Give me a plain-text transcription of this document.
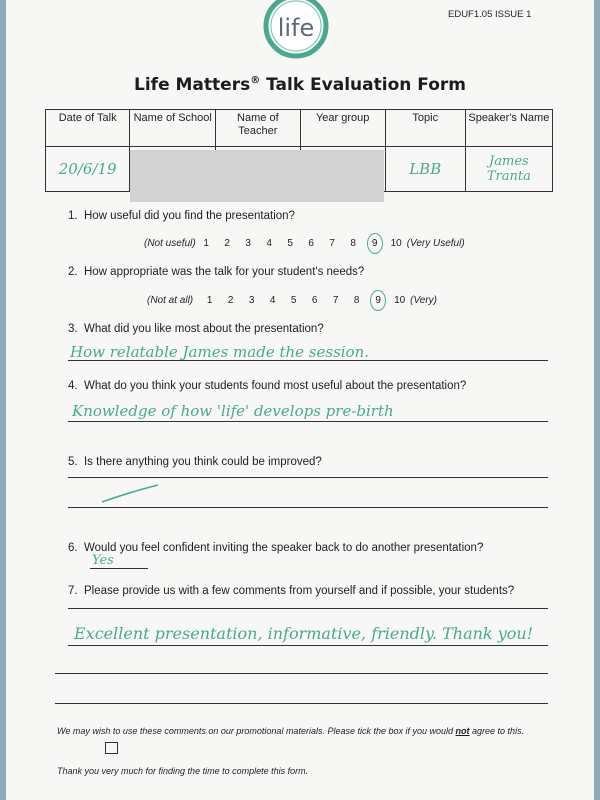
life	EDUF1.05 ISSUE 1
Life Matters® Talk Evaluation Form
Date of Talk	Name of School	Name of Teacher	Year group	Topic	Speaker's Name
20/6/19				LBB	James Tranta
1. How useful did you find the presentation?
(Not useful) 1	2	3	4	5	6	7	8	9	10 (Very Useful)
2. How appropriate was the talk for your student's needs?
(Not at all)	1	2	3	4	5	6	7	8	9	10 (Very)
3. What did you like most about the presentation?
How relatable James made the session.
4. What do you think your students found most useful about the presentation?
Knowledge of how 'life' develops pre-birth
5. Is there anything you think could be improved?
6. Would you feel confident inviting the speaker back to do another presentation?
Yes
7. Please provide us with a few comments from yourself and if possible, your students?
Excellent presentation, informative, friendly. Thank you!
We may wish to use these comments on our promotional materials. Please tick the box if you would not agree to this.
Thank you very much for finding the time to complete this form.
